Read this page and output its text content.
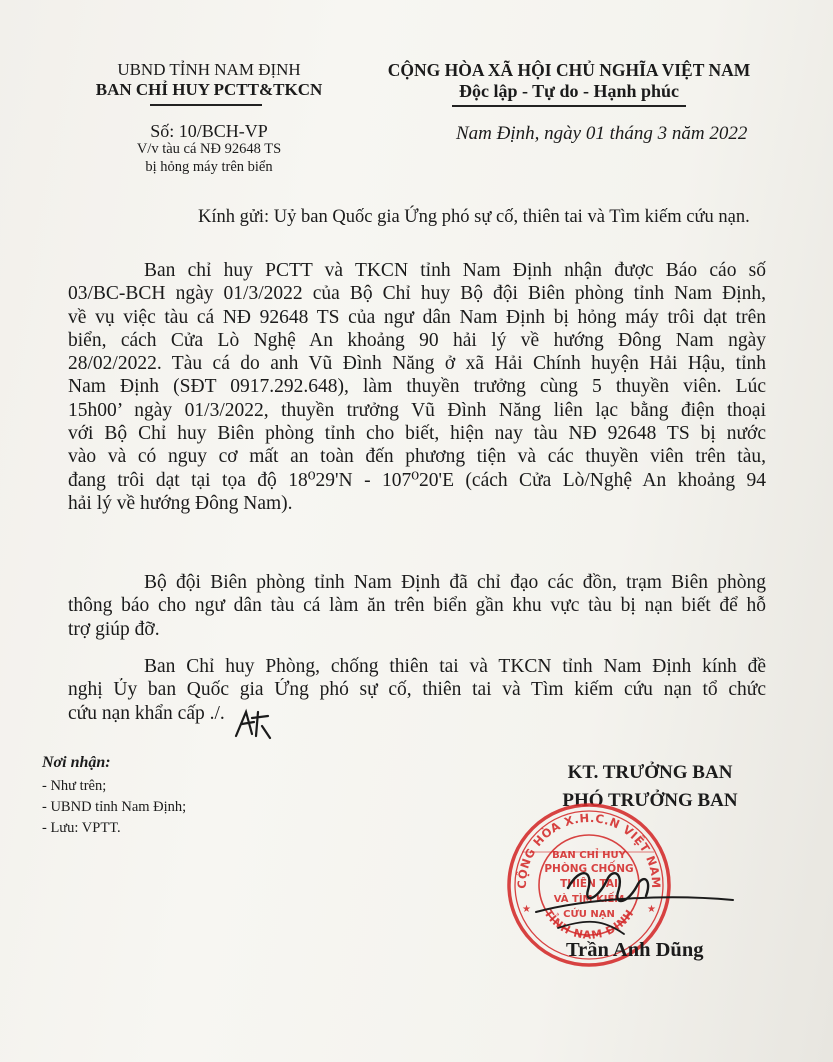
UBND TỈNH NAM ĐỊNH
BAN CHỈ HUY PCTT&TKCN
Số: 10/BCH-VP
V/v tàu cá NĐ 92648 TS
bị hỏng máy trên biển
CỘNG HÒA XÃ HỘI CHỦ NGHĨA VIỆT NAM
Độc lập - Tự do - Hạnh phúc
Nam Định, ngày 01 tháng 3 năm 2022
Kính gửi: Uỷ ban Quốc gia Ứng phó sự cố, thiên tai và Tìm kiếm cứu nạn.
Ban chỉ huy PCTT và TKCN tỉnh Nam Định nhận được Báo cáo số
03/BC-BCH ngày 01/3/2022 của Bộ Chỉ huy Bộ đội Biên phòng tỉnh Nam Định,
về vụ việc tàu cá NĐ 92648 TS của ngư dân Nam Định bị hỏng máy trôi dạt trên
biển, cách Cửa Lò Nghệ An khoảng 90 hải lý về hướng Đông Nam ngày
28/02/2022. Tàu cá do anh Vũ Đình Năng ở xã Hải Chính huyện Hải Hậu, tỉnh
Nam Định (SĐT 0917.292.648), làm thuyền trưởng cùng 5 thuyền viên. Lúc
15h00’ ngày 01/3/2022, thuyền trưởng Vũ Đình Năng liên lạc bằng điện thoại
với Bộ Chỉ huy Biên phòng tỉnh cho biết, hiện nay tàu NĐ 92648 TS bị nước
vào và có nguy cơ mất an toàn đến phương tiện và các thuyền viên trên tàu,
đang trôi dạt tại tọa độ 18⁰29'N - 107⁰20'E (cách Cửa Lò/Nghệ An khoảng 94
hải lý về hướng Đông Nam).
Bộ đội Biên phòng tỉnh Nam Định đã chỉ đạo các đồn, trạm Biên phòng
thông báo cho ngư dân tàu cá làm ăn trên biển gần khu vực tàu bị nạn biết để hỗ
trợ giúp đỡ.
Ban Chỉ huy Phòng, chống thiên tai và TKCN tỉnh Nam Định kính đề
nghị Ủy ban Quốc gia Ứng phó sự cố, thiên tai và Tìm kiếm cứu nạn tổ chức
cứu nạn khẩn cấp ./.
Nơi nhận:
- Như trên;
- UBND tỉnh Nam Định;
- Lưu: VPTT.
KT. TRƯỞNG BAN
PHÓ TRƯỞNG BAN
CỘNG HÒA X.H.C.N VIỆT NAM
TỈNH NAM ĐỊNH
BAN CHỈ HUY
PHÒNG CHỐNG
THIÊN TAI
VÀ TÌM KIẾM
CỨU NẠN
★	★
Trần Anh Dũng
